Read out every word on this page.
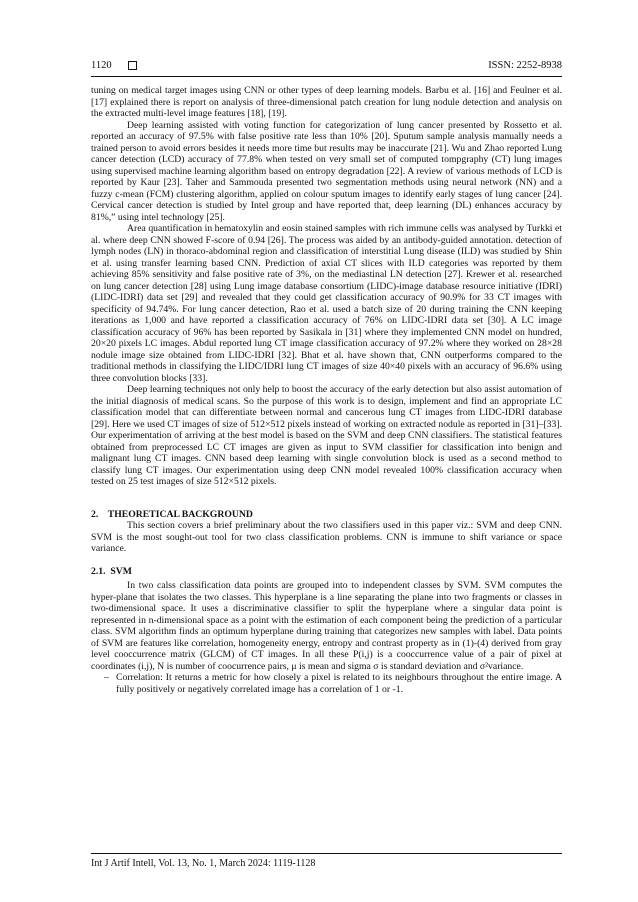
1120	ISSN: 2252-8938

tuning on medical target images using CNN or other types of deep learning models. Barbu et al. [16] and Feulner et al. [17] explained there is report on analysis of three-dimensional patch creation for lung nodule detection and analysis on the extracted multi-level image features [18], [19].

Deep learning assisted with voting function for categorization of lung cancer presented by Rossetto et al. reported an accuracy of 97.5% with false positive rate less than 10% [20]. Sputum sample analysis manually needs a trained person to avoid errors besides it needs more time but results may be inaccurate [21]. Wu and Zhao reported Lung cancer detection (LCD) accuracy of 77.8% when tested on very small set of computed tompgraphy (CT) lung images using supervised machine learning algorithm based on entropy degradation [22]. A review of various methods of LCD is reported by Kaur [23]. Taher and Sammouda presented two segmentation methods using neural network (NN) and a fuzzy c-mean (FCM) clustering algorithm, applied on colour sputum images to identify early stages of lung cancer [24]. Cervical cancer detection is studied by Intel group and have reported that, deep learning (DL) enhances accuracy by 81%,” using intel technology [25].

Area quantification in hematoxylin and eosin stained samples with rich immune cells was analysed by Turkki et al. where deep CNN showed F-score of 0.94 [26]. The process was aided by an antibody-guided annotation. detection of lymph nodes (LN) in thoraco-abdominal region and classification of interstitial Lung disease (ILD) was studied by Shin et al. using transfer learning based CNN. Prediction of axial CT slices with ILD categories was reported by them achieving 85% sensitivity and false positive rate of 3%, on the mediastinal LN detection [27]. Krewer et al. researched on lung cancer detection [28] using Lung image database consortium (LIDC)-image database resource initiative (IDRI) (LIDC-IDRI) data set [29] and revealed that they could get classification accuracy of 90.9% for 33 CT images with specificity of 94.74%. For lung cancer detection, Rao et al. used a batch size of 20 during training the CNN keeping iterations as 1,000 and have reported a classification accuracy of 76% on LIDC-IDRI data set [30]. A LC image classification accuracy of 96% has been reported by Sasikala in [31] where they implemented CNN model on hundred, 20×20 pixels LC images. Abdul reported lung CT image classification accuracy of 97.2% where they worked on 28×28 nodule image size obtained from LIDC-IDRI [32]. Bhat et al. have shown that, CNN outperforms compared to the traditional methods in classifying the LIDC/IDRI lung CT images of size 40×40 pixels with an accuracy of 96.6% using three convolution blocks [33].

Deep learning techniques not only help to boost the accuracy of the early detection but also assist automation of the initial diagnosis of medical scans. So the purpose of this work is to design, implement and find an appropriate LC classification model that can differentiate between normal and cancerous lung CT images from LIDC-IDRI database [29]. Here we used CT images of size of 512×512 pixels instead of working on extracted nodule as reported in [31]–[33]. Our experimentation of arriving at the best model is based on the SVM and deep CNN classifiers. The statistical features obtained from preprocessed LC CT images are given as input to SVM classifier for classification into benign and malignant lung CT images. CNN based deep learning with single convolution block is used as a second method to classify lung CT images. Our experimentation using deep CNN model revealed 100% classification accuracy when tested on 25 test images of size 512×512 pixels.

2.    THEORETICAL BACKGROUND

This section covers a brief preliminary about the two classifiers used in this paper viz.: SVM and deep CNN. SVM is the most sought-out tool for two class classification problems. CNN is immune to shift variance or space variance.

2.1.  SVM

In two calss classification data points are grouped into to independent classes by SVM. SVM computes the hyper-plane that isolates the two classes. This hyperplane is a line separating the plane into two fragments or classes in two-dimensional space. It uses a discriminative classifier to split the hyperplane where a singular data point is represented in n-dimensional space as a point with the estimation of each component being the prediction of a particular class. SVM algorithm finds an optimum hyperplane during training that categorizes new samples with label. Data points of SVM are features like correlation, homogeneity energy, entropy and contrast property as in (1)-(4) derived from gray level cooccurrence matrix (GLCM) of CT images. In all these P(i,j) is a cooccurrence value of a pair of pixel at coordinates (i,j), N is number of coocurrence pairs, μ is mean and sigma σ is standard deviation and σ²variance.

– Correlation: It returns a metric for how closely a pixel is related to its neighbours throughout the entire image. A fully positively or negatively correlated image has a correlation of 1 or -1.
Int J Artif Intell, Vol. 13, No. 1, March 2024: 1119-1128
